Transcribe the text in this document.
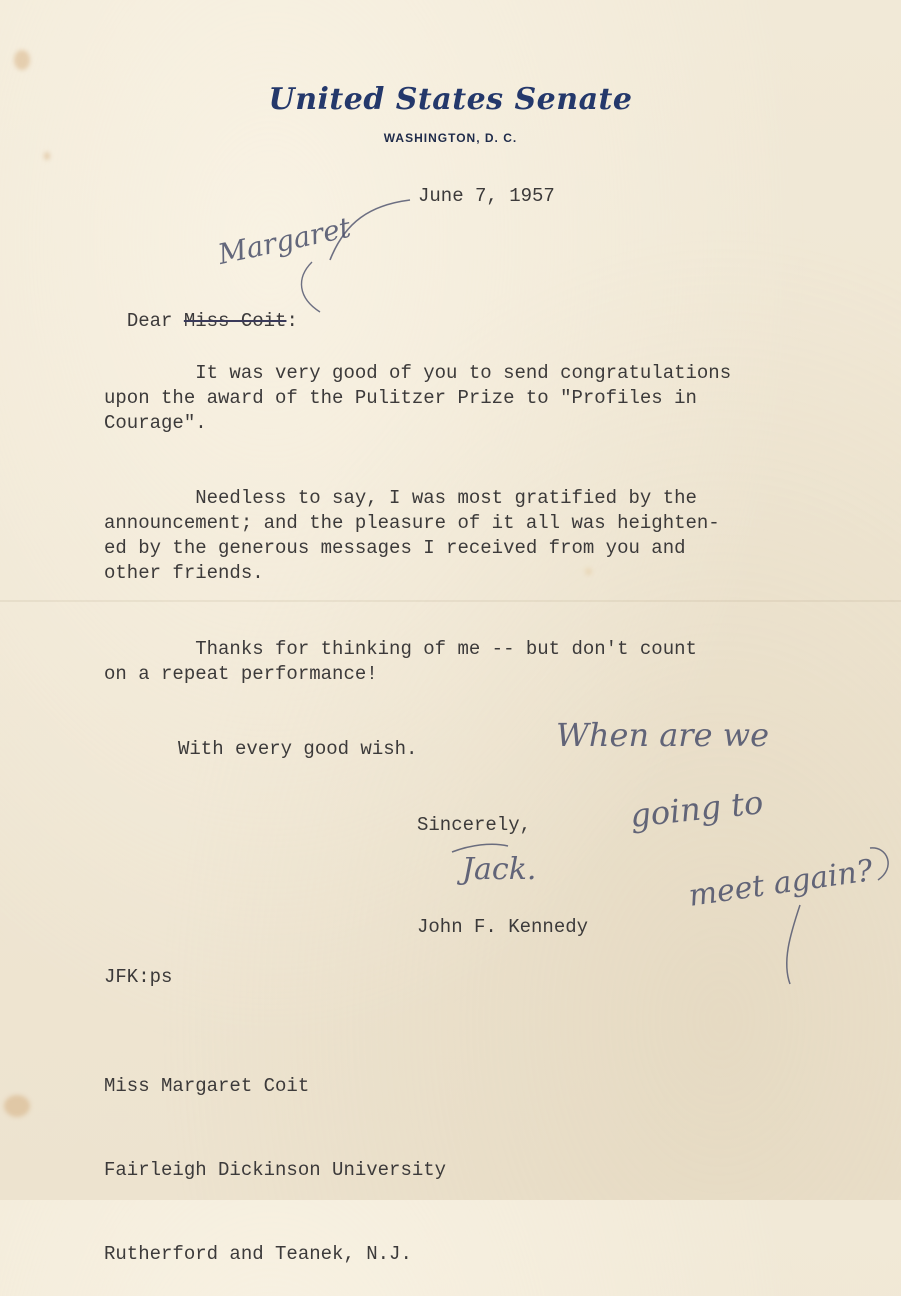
United States Senate
WASHINGTON, D. C.
June 7, 1957

Dear Miss Coit:

Margaret

It was very good of you to send congratulations
upon the award of the Pulitzer Prize to "Profiles in
Courage".

Needless to say, I was most gratified by the
announcement; and the pleasure of it all was heighten-
ed by the generous messages I received from you and
other friends.

Thanks for thinking of me -- but don't count
on a repeat performance!

With every good wish.	When are we
going to
meet again?
Sincerely,
Jack.
John F. Kennedy
JFK:ps

Miss Margaret Coit

Fairleigh Dickinson University

Rutherford and Teanek, N.J.
